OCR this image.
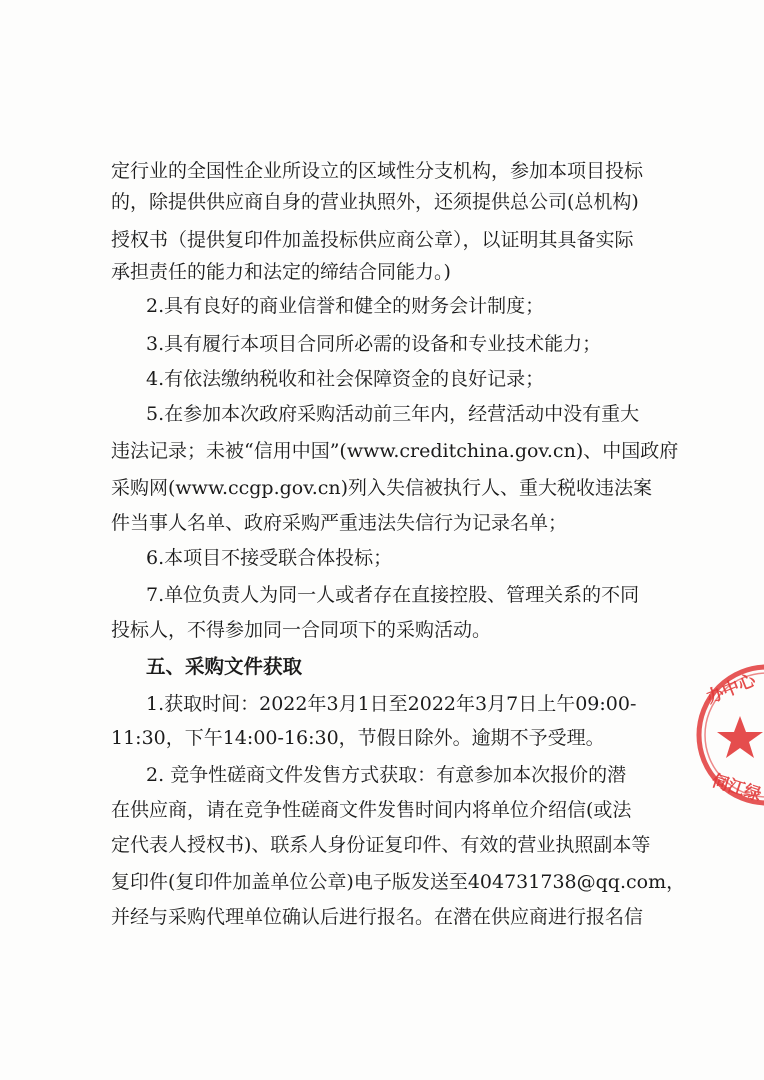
定行业的全国性企业所设立的区域性分支机构，参加本项目投标
的，除提供供应商自身的营业执照外，还须提供总公司(总机构)
授权书（提供复印件加盖投标供应商公章），以证明其具备实际
承担责任的能力和法定的缔结合同能力。)
2.具有良好的商业信誉和健全的财务会计制度；
3.具有履行本项目合同所必需的设备和专业技术能力；
4.有依法缴纳税收和社会保障资金的良好记录；
5.在参加本次政府采购活动前三年内，经营活动中没有重大
违法记录；未被“信用中国”(www.creditchina.gov.cn)、中国政府
采购网(www.ccgp.gov.cn)列入失信被执行人、重大税收违法案
件当事人名单、政府采购严重违法失信行为记录名单；
6.本项目不接受联合体投标；
7.单位负责人为同一人或者存在直接控股、管理关系的不同
投标人，不得参加同一合同项下的采购活动。
五、采购文件获取
1.获取时间：2022年3月1日至2022年3月7日上午09:00-
11:30，下午14:00-16:30，节假日除外。逾期不予受理。
2. 竞争性磋商文件发售方式获取：有意参加本次报价的潜
在供应商，请在竞争性磋商文件发售时间内将单位介绍信(或法
定代表人授权书)、联系人身份证复印件、有效的营业执照副本等
复印件(复印件加盖单位公章)电子版发送至404731738@qq.com，
并经与采购代理单位确认后进行报名。在潜在供应商进行报名信
办中心
伺江绿
